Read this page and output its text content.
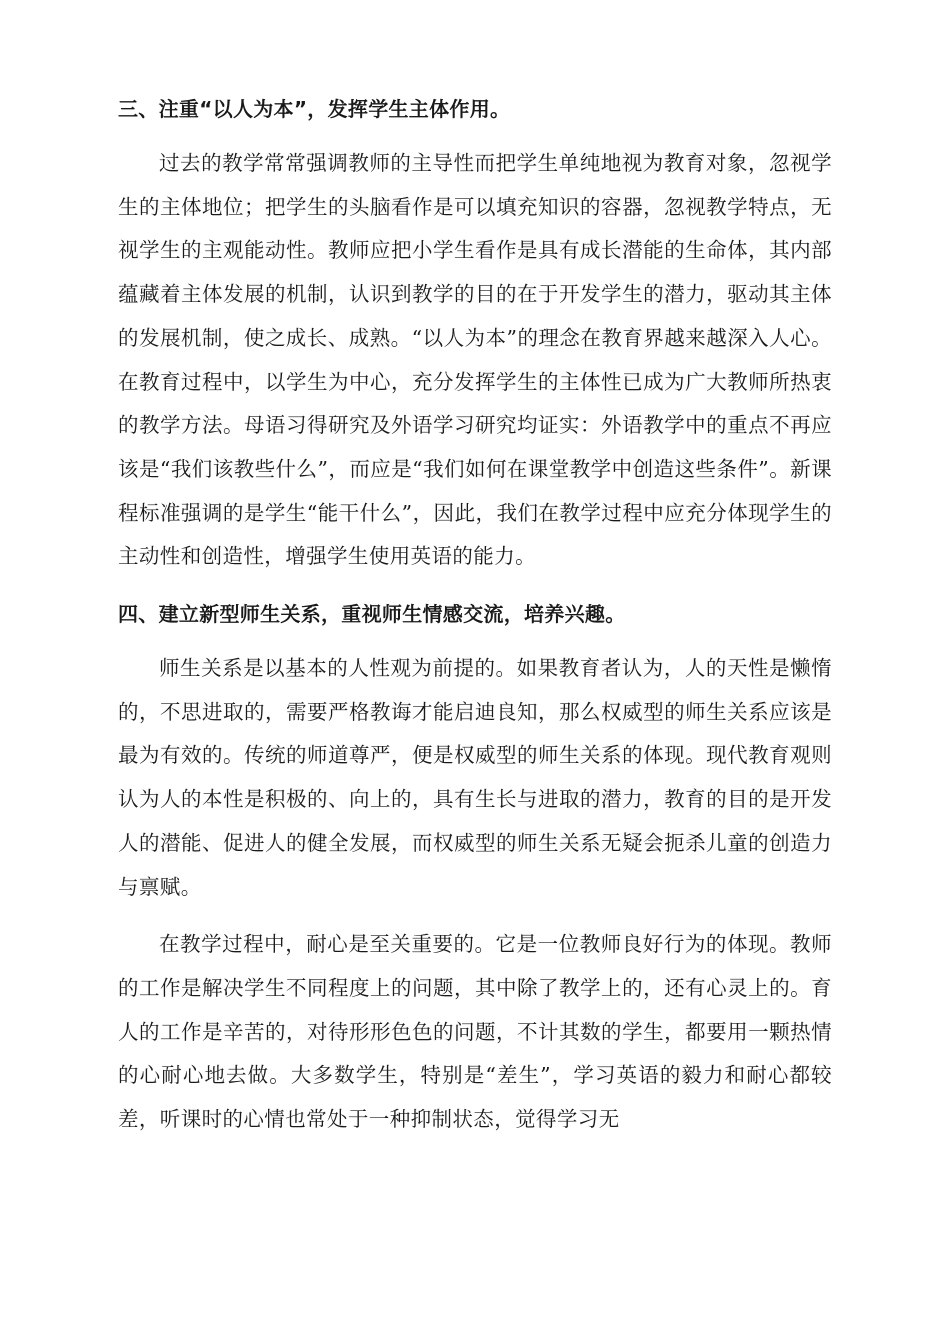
三、注重“以人为本”，发挥学生主体作用。

过去的教学常常强调教师的主导性而把学生单纯地视为教育对象，忽视学生的主体地位；把学生的头脑看作是可以填充知识的容器，忽视教学特点，无视学生的主观能动性。教师应把小学生看作是具有成长潜能的生命体，其内部蕴藏着主体发展的机制，认识到教学的目的在于开发学生的潜力，驱动其主体的发展机制，使之成长、成熟。“以人为本”的理念在教育界越来越深入人心。在教育过程中，以学生为中心，充分发挥学生的主体性已成为广大教师所热衷的教学方法。母语习得研究及外语学习研究均证实：外语教学中的重点不再应该是“我们该教些什么”，而应是“我们如何在课堂教学中创造这些条件”。新课程标准强调的是学生“能干什么”，因此，我们在教学过程中应充分体现学生的主动性和创造性，增强学生使用英语的能力。

四、建立新型师生关系，重视师生情感交流，培养兴趣。

师生关系是以基本的人性观为前提的。如果教育者认为，人的天性是懒惰的，不思进取的，需要严格教诲才能启迪良知，那么权威型的师生关系应该是最为有效的。传统的师道尊严，便是权威型的师生关系的体现。现代教育观则认为人的本性是积极的、向上的，具有生长与进取的潜力，教育的目的是开发人的潜能、促进人的健全发展，而权威型的师生关系无疑会扼杀儿童的创造力与禀赋。

在教学过程中，耐心是至关重要的。它是一位教师良好行为的体现。教师的工作是解决学生不同程度上的问题，其中除了教学上的，还有心灵上的。育人的工作是辛苦的，对待形形色色的问题，不计其数的学生，都要用一颗热情的心耐心地去做。大多数学生，特别是“差生”，学习英语的毅力和耐心都较差，听课时的心情也常处于一种抑制状态，觉得学习无
